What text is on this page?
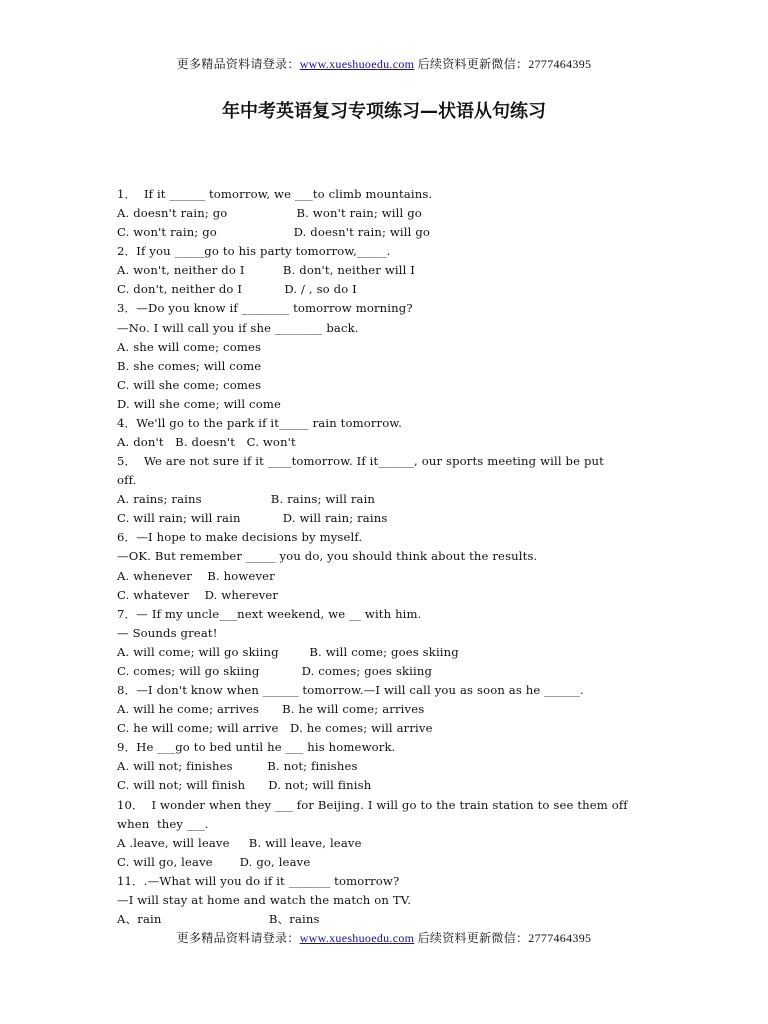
更多精品资料请登录：www.xueshuoedu.com 后续资料更新微信：2777464395
年中考英语复习专项练习—状语从句练习
1．  If it ______ tomorrow, we ___to climb mountains.
A. doesn't rain; go                  B. won't rain; will go
C. won't rain; go                    D. doesn't rain; will go
2．If you _____go to his party tomorrow,_____.
A. won't, neither do I          B. don't, neither will I
C. don't, neither do I           D. / , so do I
3．—Do you know if ________ tomorrow morning?
—No. I will call you if she ________ back.
A. she will come; comes
B. she comes; will come
C. will she come; comes
D. will she come; will come
4．We'll go to the park if it_____ rain tomorrow.
A. don't   B. doesn't   C. won't
5．  We are not sure if it ____tomorrow. If it______, our sports meeting will be put
off.
A. rains; rains                  B. rains; will rain
C. will rain; will rain           D. will rain; rains
6．—I hope to make decisions by myself.
—OK. But remember _____ you do, you should think about the results.
A. whenever    B. however
C. whatever    D. wherever
7．— If my uncle___next weekend, we __ with him.
— Sounds great!
A. will come; will go skiing        B. will come; goes skiing
C. comes; will go skiing           D. comes; goes skiing
8．—I don't know when ______ tomorrow.—I will call you as soon as he ______.
A. will he come; arrives      B. he will come; arrives
C. he will come; will arrive   D. he comes; will arrive
9．He ___go to bed until he ___ his homework.
A. will not; finishes         B. not; finishes
C. will not; will finish      D. not; will finish
10．  I wonder when they ___ for Beijing. I will go to the train station to see them off
when  they ___.
A .leave, will leave     B. will leave, leave
C. will go, leave       D. go, leave
11．.—What will you do if it _______ tomorrow?
—I will stay at home and watch the match on TV.
A、rain                            B、rains
更多精品资料请登录：www.xueshuoedu.com 后续资料更新微信：2777464395
